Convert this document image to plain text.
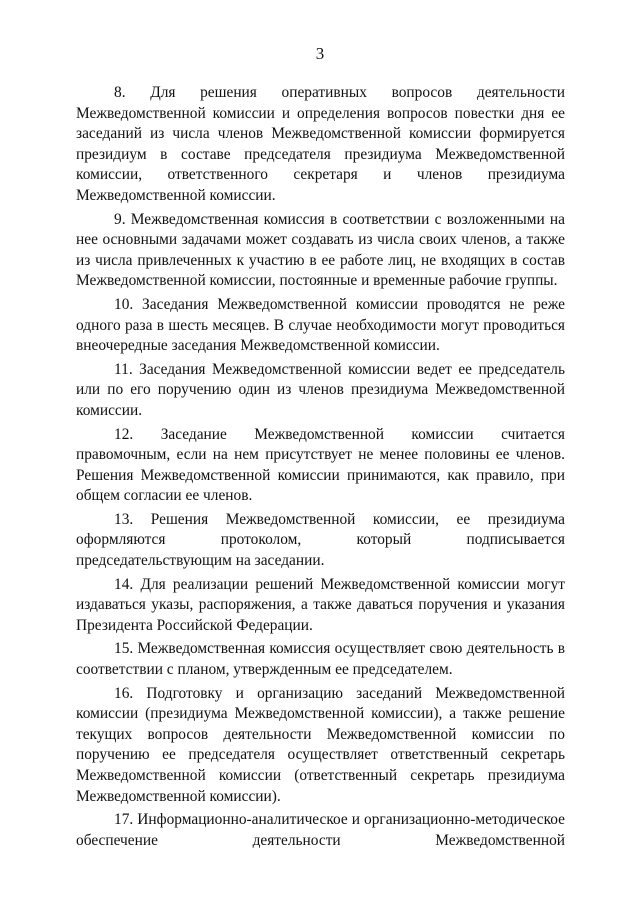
3

8. Для решения оперативных вопросов деятельности Межведомственной комиссии и определения вопросов повестки дня ее заседаний из числа членов Межведомственной комиссии формируется президиум в составе председателя президиума Межведомственной комиссии, ответственного секретаря и членов президиума Межведомственной комиссии.

9. Межведомственная комиссия в соответствии с возложенными на нее основными задачами может создавать из числа своих членов, а также из числа привлеченных к участию в ее работе лиц, не входящих в состав Межведомственной комиссии, постоянные и временные рабочие группы.

10. Заседания Межведомственной комиссии проводятся не реже одного раза в шесть месяцев. В случае необходимости могут проводиться внеочередные заседания Межведомственной комиссии.

11. Заседания Межведомственной комиссии ведет ее председатель или по его поручению один из членов президиума Межведомственной комиссии.

12. Заседание Межведомственной комиссии считается правомочным, если на нем присутствует не менее половины ее членов. Решения Межведомственной комиссии принимаются, как правило, при общем согласии ее членов.

13. Решения Межведомственной комиссии, ее президиума оформляются протоколом, который подписывается председательствующим на заседании.

14. Для реализации решений Межведомственной комиссии могут издаваться указы, распоряжения, а также даваться поручения и указания Президента Российской Федерации.

15. Межведомственная комиссия осуществляет свою деятельность в соответствии с планом, утвержденным ее председателем.

16. Подготовку и организацию заседаний Межведомственной комиссии (президиума Межведомственной комиссии), а также решение текущих вопросов деятельности Межведомственной комиссии по поручению ее председателя осуществляет ответственный секретарь Межведомственной комиссии (ответственный секретарь президиума Межведомственной комиссии).

17. Информационно-аналитическое и организационно-методическое обеспечение деятельности Межведомственной
